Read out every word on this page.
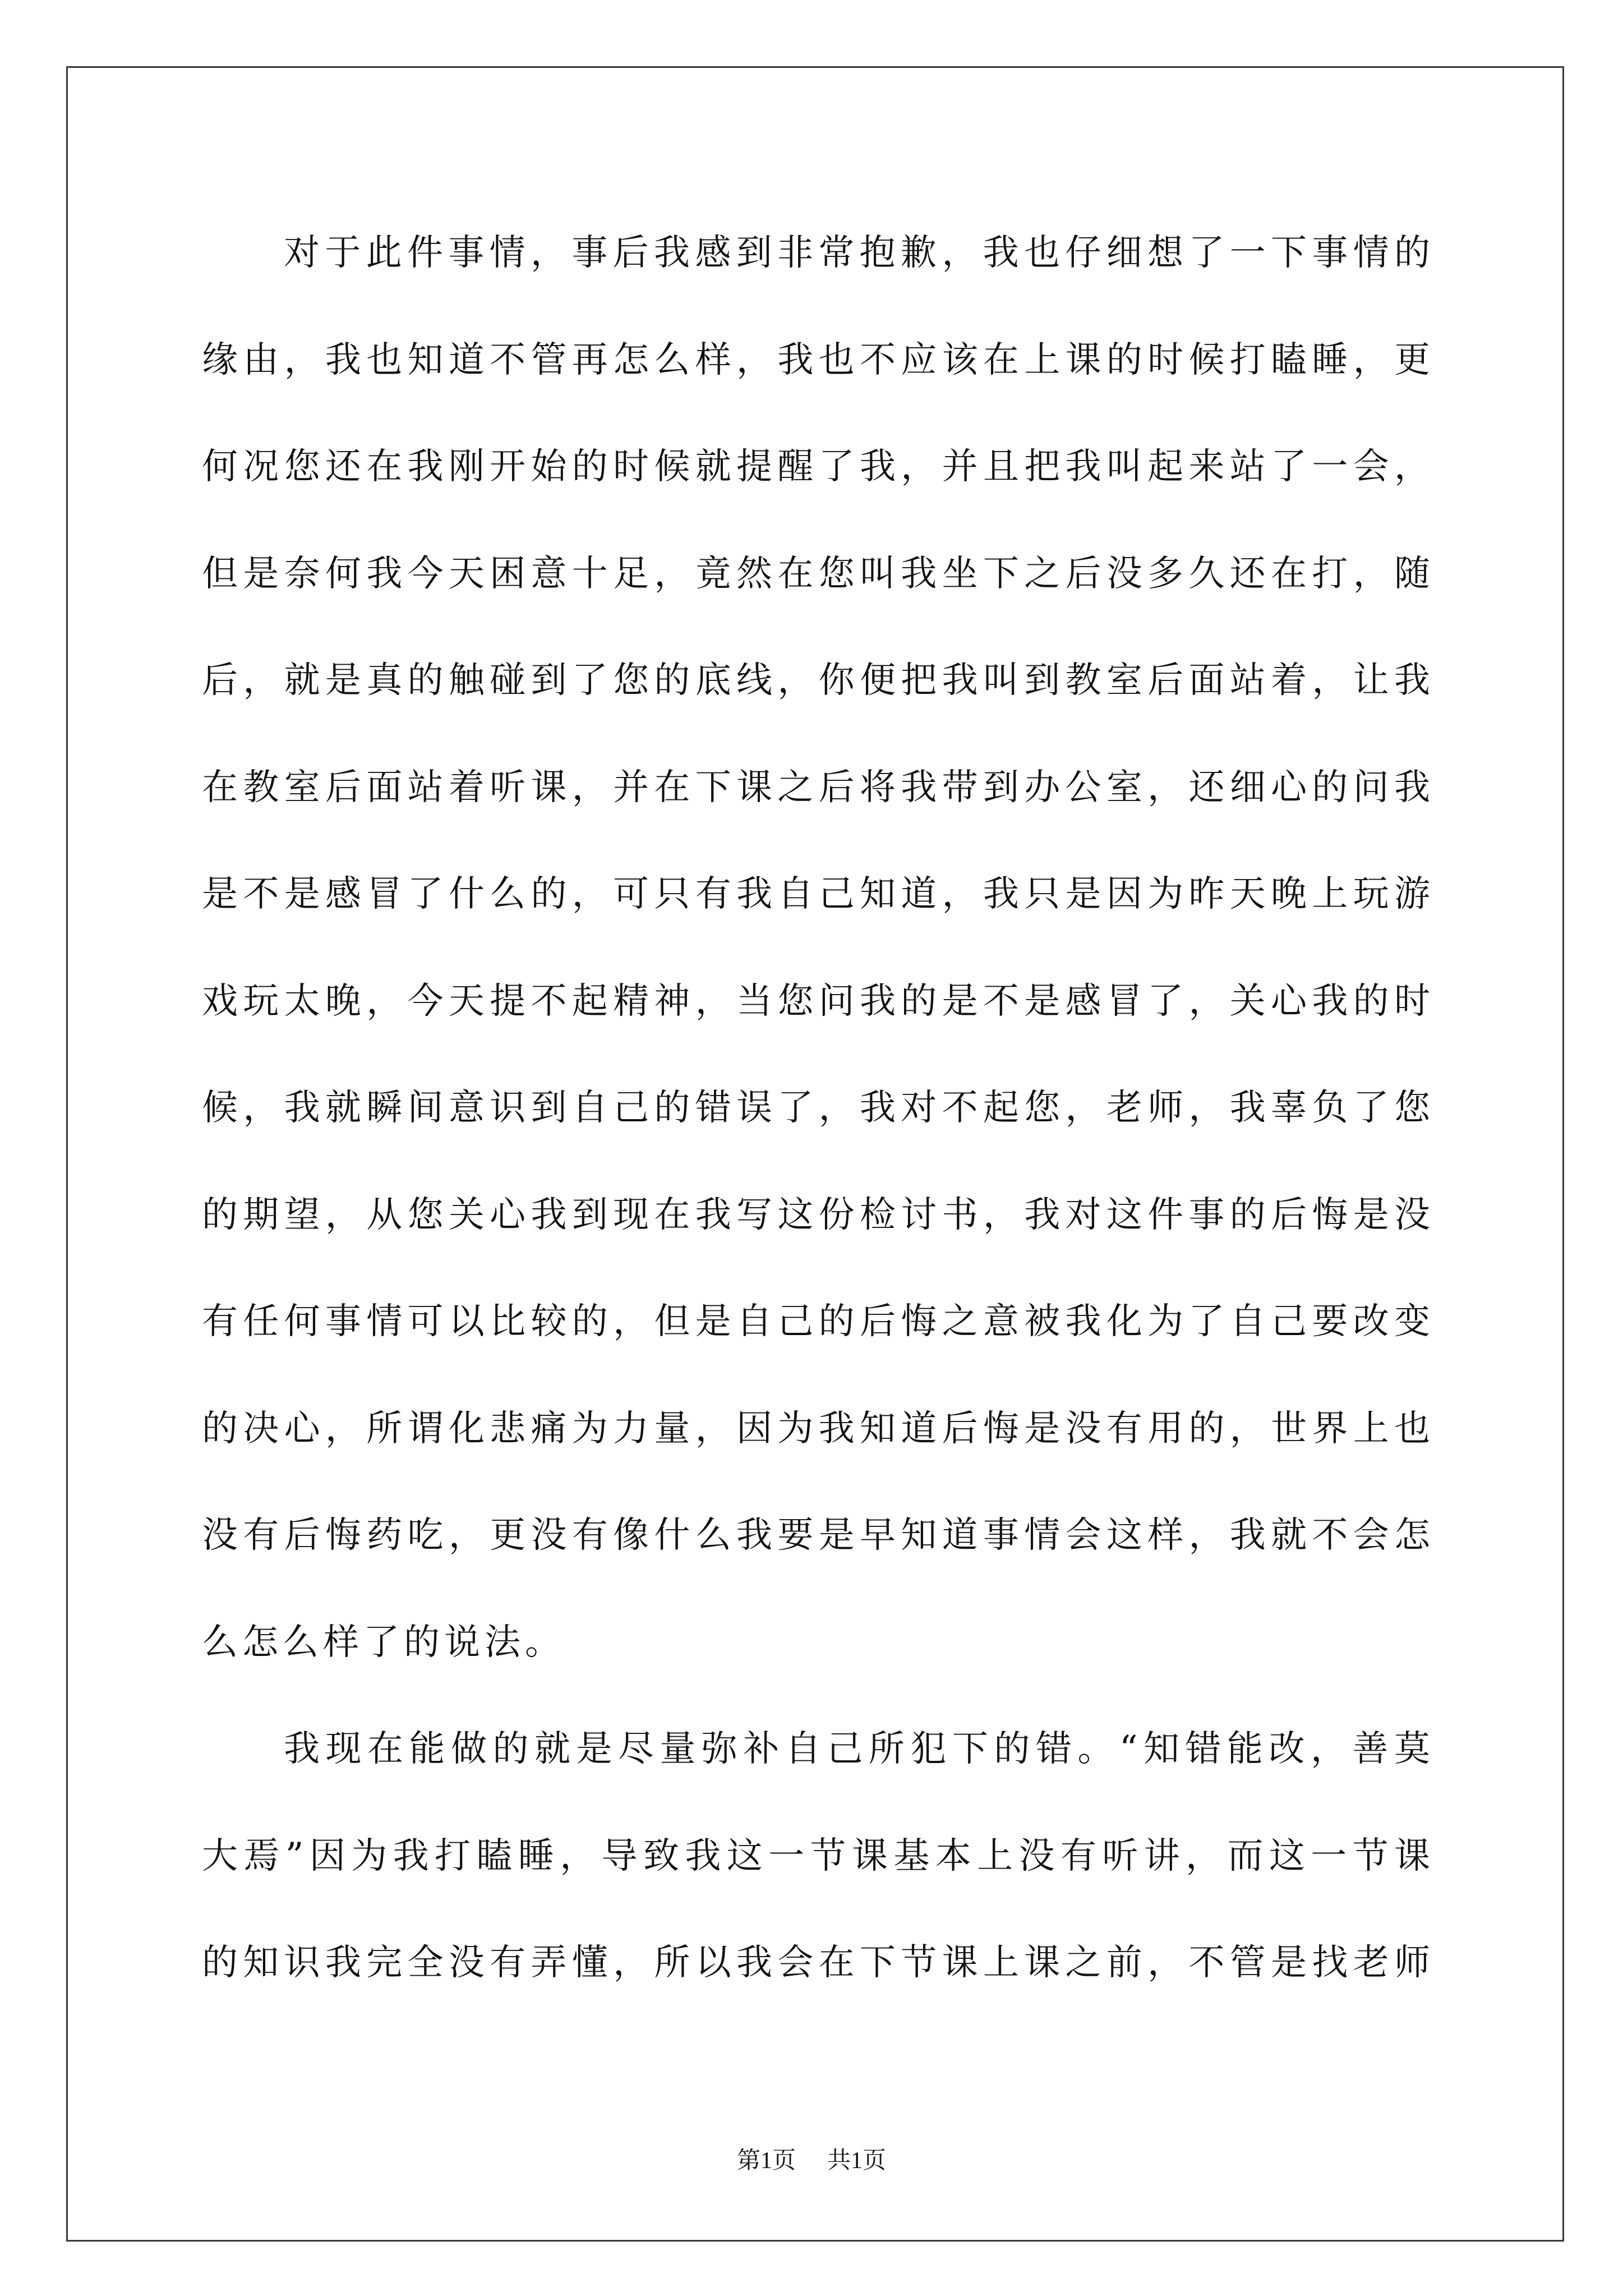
对于此件事情，事后我感到非常抱歉，我也仔细想了一下事情的
缘由，我也知道不管再怎么样，我也不应该在上课的时候打瞌睡，更
何况您还在我刚开始的时候就提醒了我，并且把我叫起来站了一会，
但是奈何我今天困意十足，竟然在您叫我坐下之后没多久还在打，随
后，就是真的触碰到了您的底线，你便把我叫到教室后面站着，让我
在教室后面站着听课，并在下课之后将我带到办公室，还细心的问我
是不是感冒了什么的，可只有我自己知道，我只是因为昨天晚上玩游
戏玩太晚，今天提不起精神，当您问我的是不是感冒了，关心我的时
候，我就瞬间意识到自己的错误了，我对不起您，老师，我辜负了您
的期望，从您关心我到现在我写这份检讨书，我对这件事的后悔是没
有任何事情可以比较的，但是自己的后悔之意被我化为了自己要改变
的决心，所谓化悲痛为力量，因为我知道后悔是没有用的，世界上也
没有后悔药吃，更没有像什么我要是早知道事情会这样，我就不会怎
么怎么样了的说法。
我现在能做的就是尽量弥补自己所犯下的错。“知错能改，善莫
大焉”因为我打瞌睡，导致我这一节课基本上没有听讲，而这一节课
的知识我完全没有弄懂，所以我会在下节课上课之前，不管是找老师
第1页 共1页
